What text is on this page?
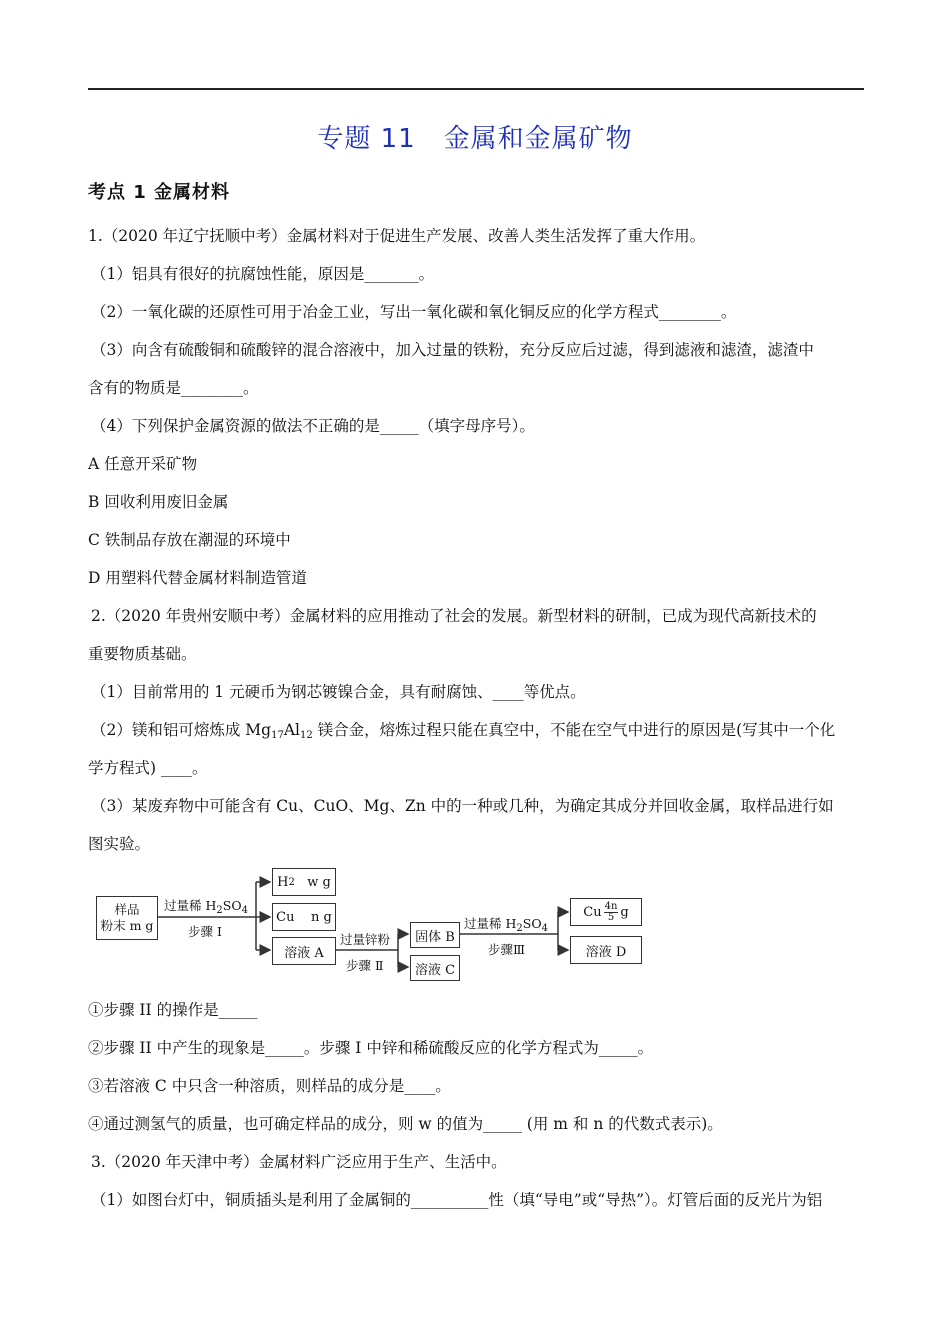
专题 11 金属和金属矿物
考点 1 金属材料
1.（2020 年辽宁抚顺中考）金属材料对于促进生产发展、改善人类生活发挥了重大作用。
（1）铝具有很好的抗腐蚀性能，原因是_______。
（2）一氧化碳的还原性可用于冶金工业，写出一氧化碳和氧化铜反应的化学方程式________。
（3）向含有硫酸铜和硫酸锌的混合溶液中，加入过量的铁粉，充分反应后过滤，得到滤液和滤渣，滤渣中
含有的物质是________。
（4）下列保护金属资源的做法不正确的是_____（填字母序号）。
A 任意开采矿物
B 回收利用废旧金属
C 铁制品存放在潮湿的环境中
D 用塑料代替金属材料制造管道
2.（2020 年贵州安顺中考）金属材料的应用推动了社会的发展。新型材料的研制，已成为现代高新技术的
重要物质基础。
（1）目前常用的 1 元硬币为钢芯镀镍合金，具有耐腐蚀、____等优点。
（2）镁和铝可熔炼成 $Mg_{17}Al_{12}$ 镁合金，熔炼过程只能在真空中，不能在空气中进行的原因是(写其中一个化
学方程式) ____。
（3）某废弃物中可能含有 Cu、CuO、Mg、Zn 中的一种或几种，为确定其成分并回收金属，取样品进行如
图实验。
样品
粉末 m g
过量稀 $H_2SO_4$
步骤 Ⅰ
H 2 w g
Cu    n g
溶液 A
过量锌粉
步骤 Ⅱ
固体 B
溶液 C
过量稀 $H_2SO_4$
步骤Ⅲ
Cu $\frac{4n}{5}$ g
溶液 D
①步骤 II 的操作是_____
②步骤 II 中产生的现象是_____。步骤 I 中锌和稀硫酸反应的化学方程式为_____。
③若溶液 C 中只含一种溶质，则样品的成分是____。
④通过测氢气的质量，也可确定样品的成分，则 w 的值为_____ (用 m 和 n 的代数式表示)。
3.（2020 年天津中考）金属材料广泛应用于生产、生活中。
（1）如图台灯中，铜质插头是利用了金属铜的__________性（填“导电”或“导热”）。灯管后面的反光片为铝
